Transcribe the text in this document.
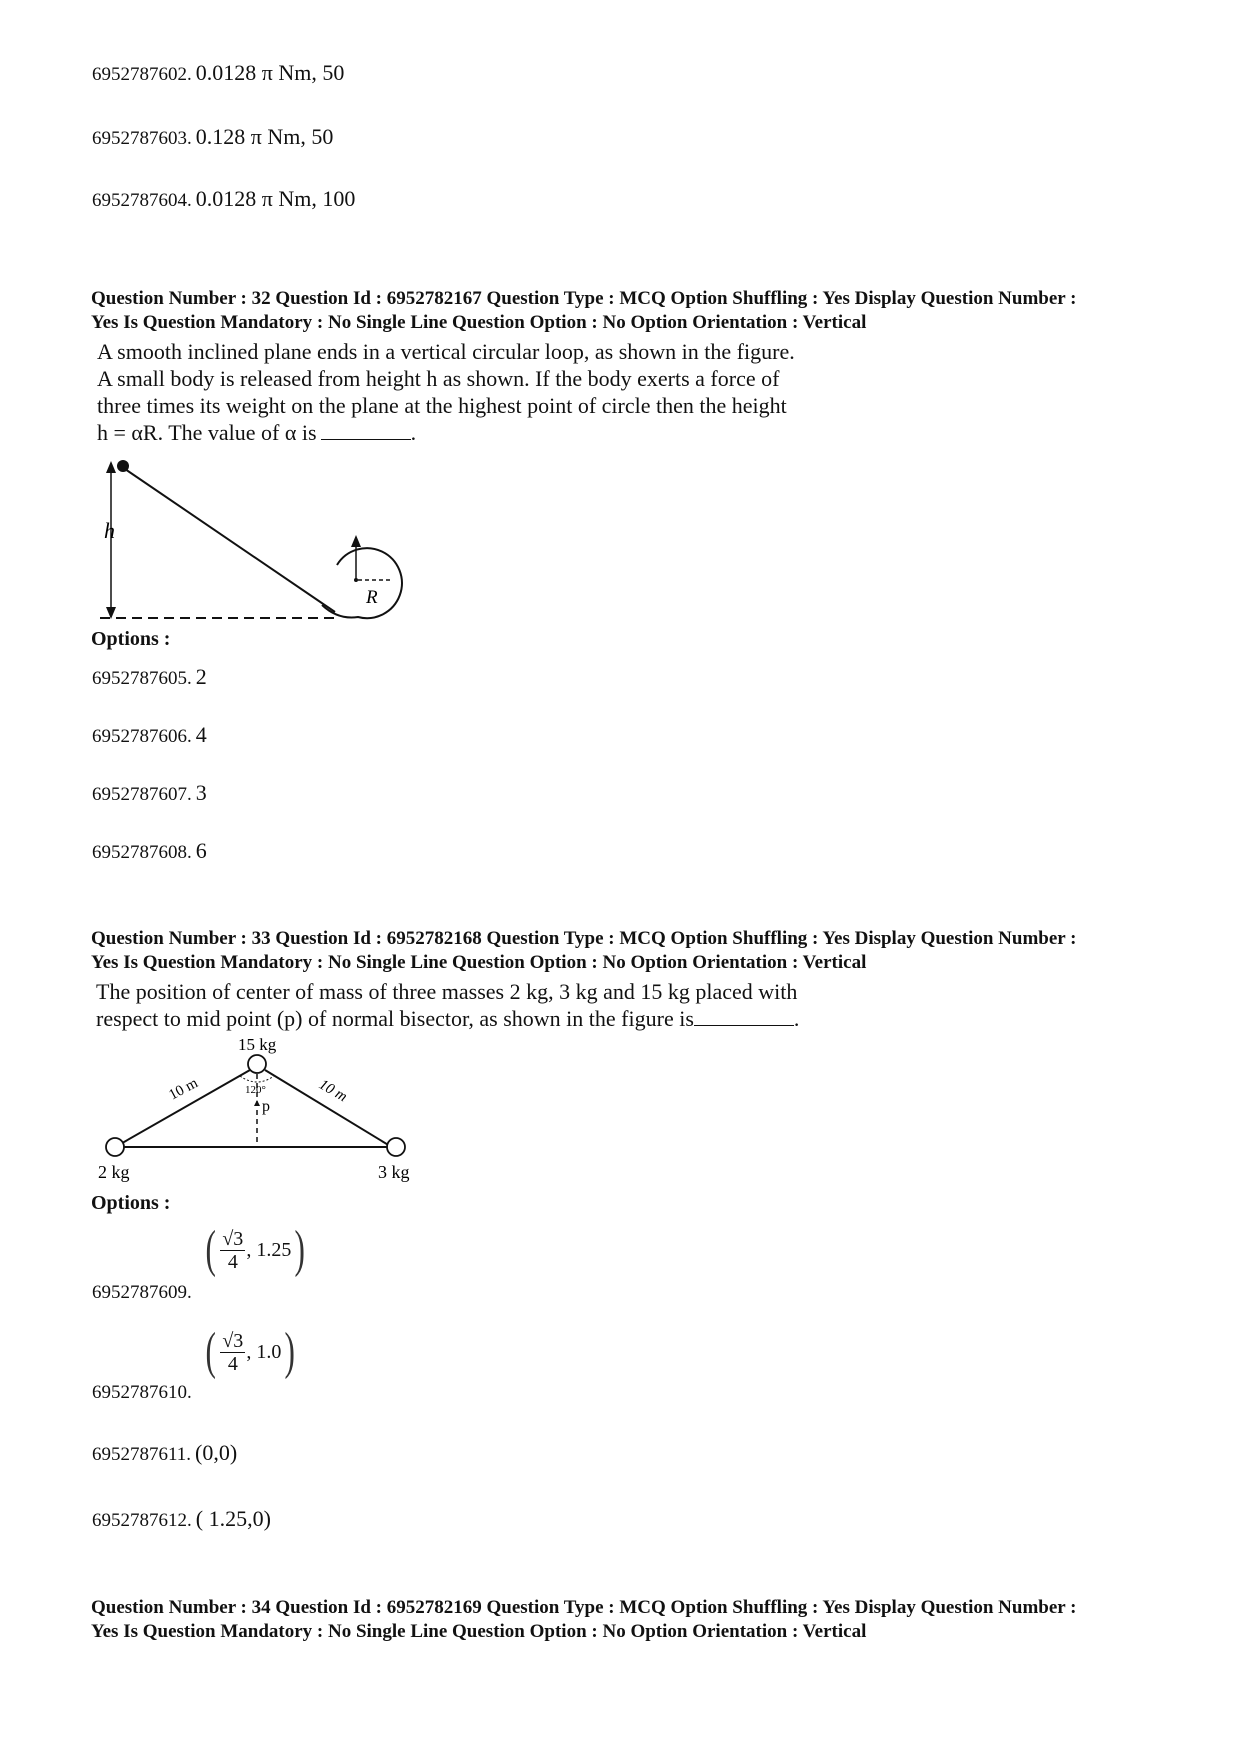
6952787602. 0.0128 π Nm, 50
6952787603. 0.128 π Nm, 50
6952787604. 0.0128 π Nm, 100
Question Number : 32 Question Id : 6952782167 Question Type : MCQ Option Shuffling : Yes Display Question Number :
Yes Is Question Mandatory : No Single Line Question Option : No Option Orientation : Vertical
A smooth inclined plane ends in a vertical circular loop, as shown in the figure.
A small body is released from height h as shown. If the body exerts a force of
three times its weight on the plane at the highest point of circle then the height
h = αR. The value of α is	.
h
R
Options :
6952787605. 2
6952787606. 4
6952787607. 3
6952787608. 6
Question Number : 33 Question Id : 6952782168 Question Type : MCQ Option Shuffling : Yes Display Question Number :
Yes Is Question Mandatory : No Single Line Question Option : No Option Orientation : Vertical
The position of center of mass of three masses 2 kg, 3 kg and 15 kg placed with
respect to mid point (p) of normal bisector, as shown in the figure is	.
15 kg
120°
p
10 m	10 m
2 kg	3 kg
Options :
6952787609.
( $\frac{√3}{4}$ , 1.25 )
6952787610.
( $\frac{√3}{4}$ , 1.0 )
6952787611. (0,0)
6952787612. ( 1.25,0)
Question Number : 34 Question Id : 6952782169 Question Type : MCQ Option Shuffling : Yes Display Question Number :
Yes Is Question Mandatory : No Single Line Question Option : No Option Orientation : Vertical
